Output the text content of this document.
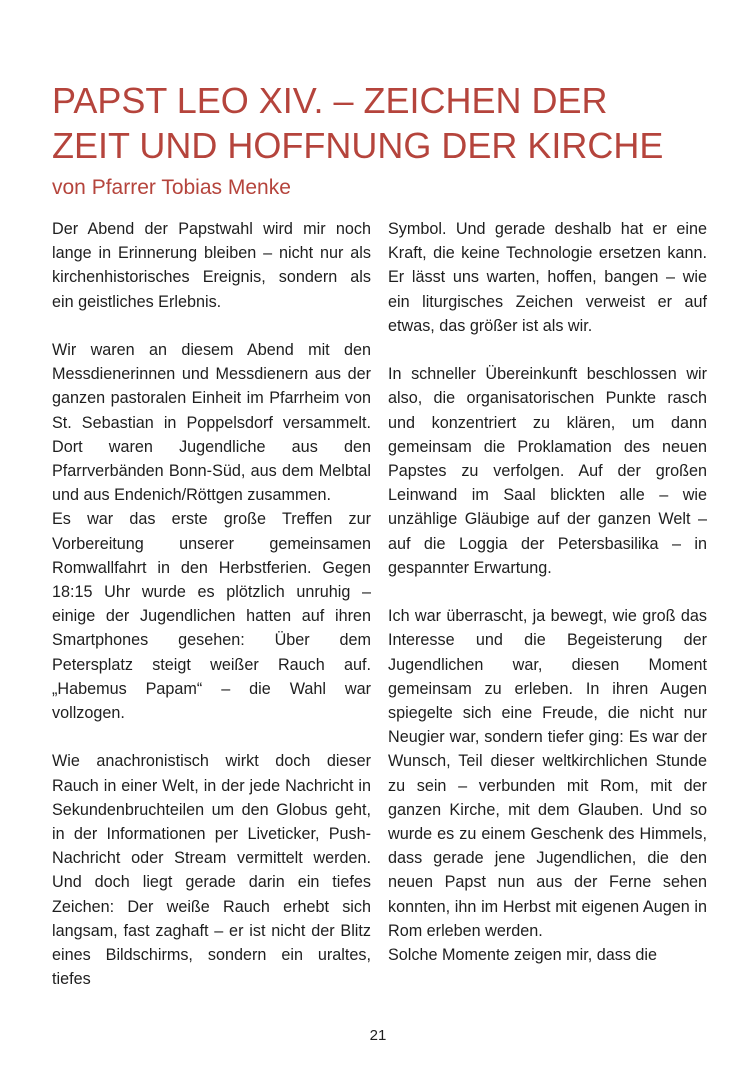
PAPST LEO XIV. – ZEICHEN DER
ZEIT UND HOFFNUNG DER KIRCHE
von Pfarrer Tobias Menke

Der Abend der Papstwahl wird mir noch lange in Erinnerung bleiben – nicht nur als kirchenhistorisches Ereignis, sondern als ein geistliches Erlebnis.

Wir waren an diesem Abend mit den Messdienerinnen und Messdienern aus der ganzen pastoralen Einheit im Pfarrheim von St. Sebastian in Poppelsdorf versammelt. Dort waren Jugendliche aus den Pfarrverbänden Bonn-Süd, aus dem Melbtal und aus Endenich/Röttgen zusammen.

Es war das erste große Treffen zur Vorbereitung unserer gemeinsamen Romwallfahrt in den Herbstferien. Gegen 18:15 Uhr wurde es plötzlich unruhig – einige der Jugendlichen hatten auf ihren Smartphones gesehen: Über dem Petersplatz steigt weißer Rauch auf. „Habemus Papam“ – die Wahl war vollzogen.

Wie anachronistisch wirkt doch dieser Rauch in einer Welt, in der jede Nachricht in Sekundenbruchteilen um den Globus geht, in der Informationen per Liveticker, Push-Nachricht oder Stream vermittelt werden. Und doch liegt gerade darin ein tiefes Zeichen: Der weiße Rauch erhebt sich langsam, fast zaghaft – er ist nicht der Blitz eines Bildschirms, sondern ein uraltes, tiefes

Symbol. Und gerade deshalb hat er eine Kraft, die keine Technologie ersetzen kann. Er lässt uns warten, hoffen, bangen – wie ein liturgisches Zeichen verweist er auf etwas, das größer ist als wir.

In schneller Übereinkunft beschlossen wir also, die organisatorischen Punkte rasch und konzentriert zu klären, um dann gemeinsam die Proklamation des neuen Papstes zu verfolgen. Auf der großen Leinwand im Saal blickten alle – wie unzählige Gläubige auf der ganzen Welt – auf die Loggia der Petersbasilika – in gespannter Erwartung.

Ich war überrascht, ja bewegt, wie groß das Interesse und die Begeisterung der Jugendlichen war, diesen Moment gemeinsam zu erleben. In ihren Augen spiegelte sich eine Freude, die nicht nur Neugier war, sondern tiefer ging: Es war der Wunsch, Teil dieser weltkirchlichen Stunde zu sein – verbunden mit Rom, mit der ganzen Kirche, mit dem Glauben. Und so wurde es zu einem Geschenk des Himmels, dass gerade jene Jugendlichen, die den neuen Papst nun aus der Ferne sehen konnten, ihn im Herbst mit eigenen Augen in Rom erleben werden.

Solche Momente zeigen mir, dass die

21
